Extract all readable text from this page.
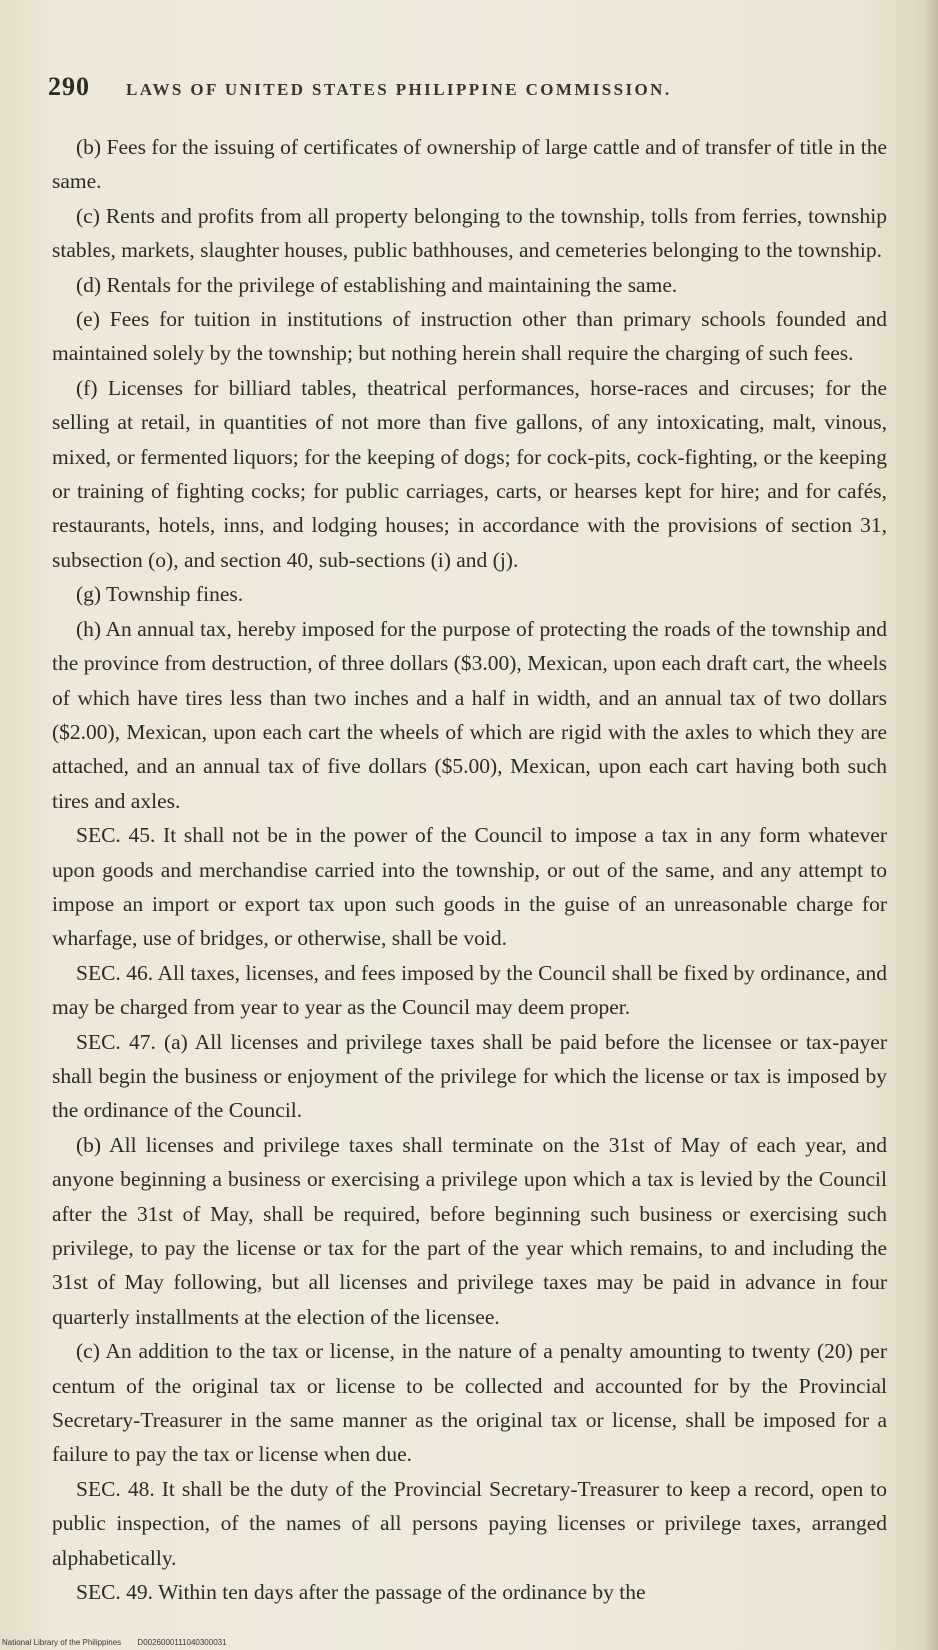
290 LAWS OF UNITED STATES PHILIPPINE COMMISSION.

(b) Fees for the issuing of certificates of ownership of large cattle and of transfer of title in the same.

(c) Rents and profits from all property belonging to the township, tolls from ferries, township stables, markets, slaughter houses, public bathhouses, and cemeteries belonging to the township.

(d) Rentals for the privilege of establishing and maintaining the same.

(e) Fees for tuition in institutions of instruction other than primary schools founded and maintained solely by the township; but nothing herein shall require the charging of such fees.

(f) Licenses for billiard tables, theatrical performances, horse-races and circuses; for the selling at retail, in quantities of not more than five gallons, of any intoxicating, malt, vinous, mixed, or fermented liquors; for the keeping of dogs; for cock-pits, cock-fighting, or the keeping or training of fighting cocks; for public carriages, carts, or hearses kept for hire; and for cafés, restaurants, hotels, inns, and lodging houses; in accordance with the provisions of section 31, subsection (o), and section 40, sub-sections (i) and (j).

(g) Township fines.

(h) An annual tax, hereby imposed for the purpose of protecting the roads of the township and the province from destruction, of three dollars ($3.00), Mexican, upon each draft cart, the wheels of which have tires less than two inches and a half in width, and an annual tax of two dollars ($2.00), Mexican, upon each cart the wheels of which are rigid with the axles to which they are attached, and an annual tax of five dollars ($5.00), Mexican, upon each cart having both such tires and axles.

SEC. 45. It shall not be in the power of the Council to impose a tax in any form whatever upon goods and merchandise carried into the township, or out of the same, and any attempt to impose an import or export tax upon such goods in the guise of an unreasonable charge for wharfage, use of bridges, or otherwise, shall be void.

SEC. 46. All taxes, licenses, and fees imposed by the Council shall be fixed by ordinance, and may be charged from year to year as the Council may deem proper.

SEC. 47. (a) All licenses and privilege taxes shall be paid before the licensee or tax-payer shall begin the business or enjoyment of the privilege for which the license or tax is imposed by the ordinance of the Council.

(b) All licenses and privilege taxes shall terminate on the 31st of May of each year, and anyone beginning a business or exercising a privilege upon which a tax is levied by the Council after the 31st of May, shall be required, before beginning such business or exercising such privilege, to pay the license or tax for the part of the year which remains, to and including the 31st of May following, but all licenses and privilege taxes may be paid in advance in four quarterly installments at the election of the licensee.

(c) An addition to the tax or license, in the nature of a penalty amounting to twenty (20) per centum of the original tax or license to be collected and accounted for by the Provincial Secretary-Treasurer in the same manner as the original tax or license, shall be imposed for a failure to pay the tax or license when due.

SEC. 48. It shall be the duty of the Provincial Secretary-Treasurer to keep a record, open to public inspection, of the names of all persons paying licenses or privilege taxes, arranged alphabetically.

SEC. 49. Within ten days after the passage of the ordinance by the

National Library of the Philippines D0026000111040300031
